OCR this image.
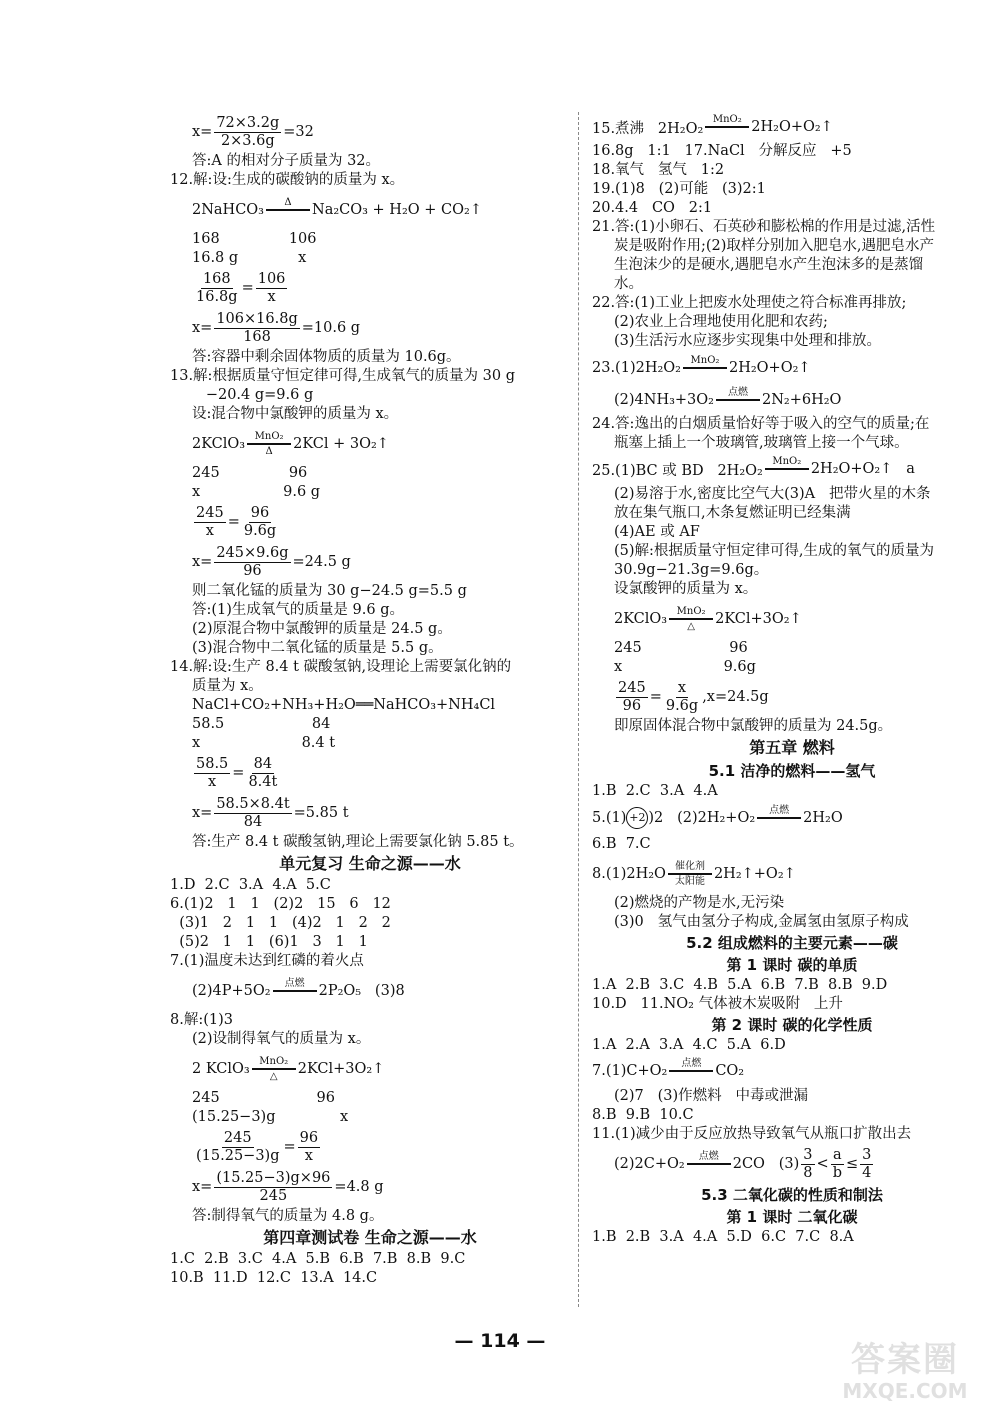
$x= \frac{72\times 3.2g}{2\times 3.6g} =32$
答:A 的相对分子质量为 32。
12.解:设:生成的碳酸钠的质量为 x。
2NaHCO₃ Δ Na₂CO₃ + H₂O + CO₂↑
168               106
16.8 g             x
$\frac{168}{16.8g} = \frac{106}{x}$
$x= \frac{106\times 16.8g}{168} =10.6$ g
答:容器中剩余固体物质的质量为 10.6g。
13.解:根据质量守恒定律可得,生成氧气的质量为 30 g
−20.4 g=9.6 g
设:混合物中氯酸钾的质量为 x。
2KClO₃ MnO₂
Δ 2KCl + 3O₂↑
245               96
x                  9.6 g
$\frac{245}{x} = \frac{96}{9.6g}$
$x= \frac{245\times 9.6g}{96} =24.5$ g
则二氧化锰的质量为 30 g−24.5 g=5.5 g
答:(1)生成氧气的质量是 9.6 g。
(2)原混合物中氯酸钾的质量是 24.5 g。
(3)混合物中二氧化锰的质量是 5.5 g。
14.解:设:生产 8.4 t 碳酸氢钠,设理论上需要氯化钠的
质量为 x。
NaCl+CO₂+NH₃+H₂O══NaHCO₃+NH₄Cl
58.5                   84
x                      8.4 t
$\frac{58.5}{x} = \frac{84}{8.4t}$
$x= \frac{58.5\times 8.4t}{84} =5.85$ t
答:生产 8.4 t 碳酸氢钠,理论上需要氯化钠 5.85 t。
单元复习 生命之源——水
1.D  2.C  3.A  4.A  5.C
6.(1)2   1   1   (2)2   15   6   12
(3)1   2   1   1   (4)2   1   2   2
(5)2   1   1   (6)1   3   1   1
7.(1)温度未达到红磷的着火点
(2)4P+5O₂ 点燃 2P₂O₅   (3)8
8.解:(1)3
(2)设制得氧气的质量为 x。
2 KClO₃ MnO₂
△ 2KCl+3O₂↑
245                     96
(15.25−3)g              x
$\frac{245}{(15.25-3)g} = \frac{96}{x}$
$x= \frac{(15.25-3)g\times 96}{245} =4.8$ g
答:制得氧气的质量为 4.8 g。
第四章测试卷 生命之源——水
1.C  2.B  3.C  4.A  5.B  6.B  7.B  8.B  9.C
10.B  11.D  12.C  13.A  14.C
15.煮沸   2H₂O₂
MnO₂ 2H₂O+O₂↑
16.8g   1:1   17.NaCl   分解反应   +5
18.氧气   氢气   1:2
19.(1)8   (2)可能   (3)2:1
20.4.4   CO   2:1
21.答:(1)小卵石、石英砂和膨松棉的作用是过滤,活性
炭是吸附作用;(2)取样分别加入肥皂水,遇肥皂水产
生泡沫少的是硬水,遇肥皂水产生泡沫多的是蒸馏
水。
22.答:(1)工业上把废水处理使之符合标准再排放;
(2)农业上合理地使用化肥和农药;
(3)生活污水应逐步实现集中处理和排放。
23.(1)2H₂O₂ MnO₂ 2H₂O+O₂↑
(2)4NH₃+3O₂ 点燃 2N₂+6H₂O
24.答:逸出的白烟质量恰好等于吸入的空气的质量;在
瓶塞上插上一个玻璃管,玻璃管上接一个气球。
25.(1)BC 或 BD   2H₂O₂
MnO₂ 2H₂O+O₂↑   a
(2)易溶于水,密度比空气大(3)A   把带火星的木条
放在集气瓶口,木条复燃证明已经集满
(4)AE 或 AF
(5)解:根据质量守恒定律可得,生成的氧气的质量为
30.9g−21.3g=9.6g。
设氯酸钾的质量为 x。
2KClO₃ MnO₂
△ 2KCl+3O₂↑
245                   96
x                      9.6g
$\frac{245}{96} = \frac{x}{9.6g} ,x=24.5g$
即原固体混合物中氯酸钾的质量为 24.5g。
第五章 燃料
5.1 洁净的燃料——氢气
1.B  2.C  3.A  4.A
5.(1) +2 )2   (2)2H₂+O₂ 点燃 2H₂O
6.B  7.C
8.(1)2H₂O 催化剂
太阳能 2H₂↑+O₂↑
(2)燃烧的产物是水,无污染
(3)0   氢气由氢分子构成,金属氢由氢原子构成
5.2 组成燃料的主要元素——碳
第 1 课时 碳的单质
1.A  2.B  3.C  4.B  5.A  6.B  7.B  8.B  9.D
10.D   11.NO₂ 气体被木炭吸附   上升
第 2 课时 碳的化学性质
1.A  2.A  3.A  4.C  5.A  6.D
7.(1)C+O₂ 点燃 CO₂
(2)7   (3)作燃料   中毒或泄漏
8.B  9.B  10.C
11.(1)减少由于反应放热导致氧气从瓶口扩散出去
(2)2C+O₂ 点燃 2CO   $(3) \frac{3}{8} < \frac{a}{b} \le \frac{3}{4}$
5.3 二氧化碳的性质和制法
第 1 课时 二氧化碳
1.B  2.B  3.A  4.A  5.D  6.C  7.C  8.A
— 114 —	答案圈
MXQE.COM
